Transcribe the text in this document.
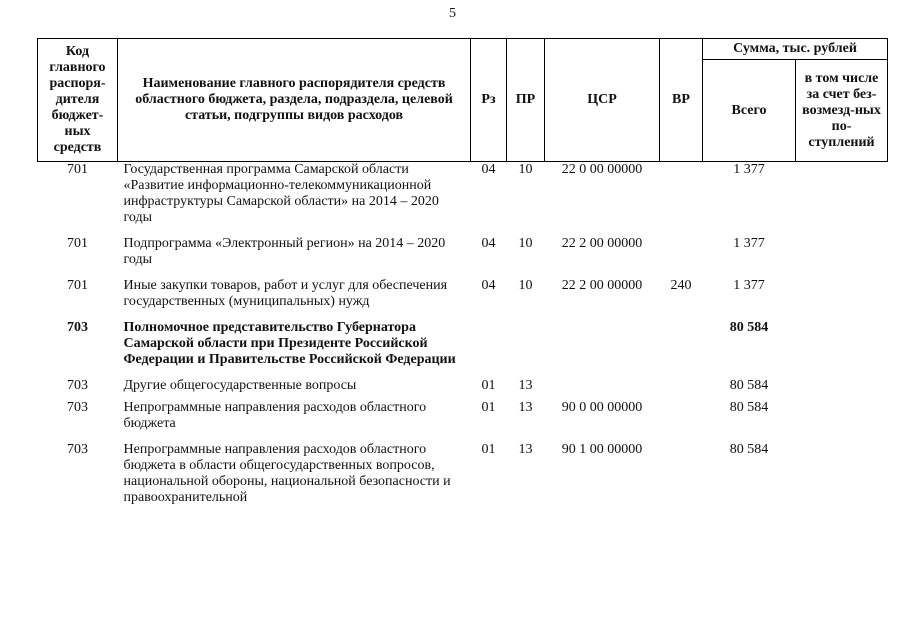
5
Код главного распоря-дителя бюджет-ных средств	Наименование главного распорядителя средств областного бюджета, раздела, подраздела, целевой статьи, подгруппы видов расходов	Рз	ПР	ЦСР	ВР	Сумма, тыс. рублей	
						Всего	в том числе за счет без-возмезд-ных по-ступлений
701	Государственная программа Самарской области «Развитие информационно-телекоммуникационной инфраструктуры Самарской области» на 2014 – 2020 годы	04	10	22 0 00 00000		1 377	
701	Подпрограмма «Электронный регион» на 2014 – 2020 годы	04	10	22 2 00 00000		1 377	
701	Иные закупки товаров, работ и услуг для обеспечения государственных (муниципальных) нужд	04	10	22 2 00 00000	240	1 377	
703	Полномочное представительство Губернатора Самарской области при Президенте Российской Федерации и Правительстве Российской Федерации					80 584	
703	Другие общегосударственные вопросы	01	13			80 584	
703	Непрограммные направления расходов областного бюджета	01	13	90 0 00 00000		80 584	
703	Непрограммные направления расходов областного бюджета в области общегосударственных вопросов, национальной обороны, национальной безопасности и правоохранительной	01	13	90 1 00 00000		80 584	
